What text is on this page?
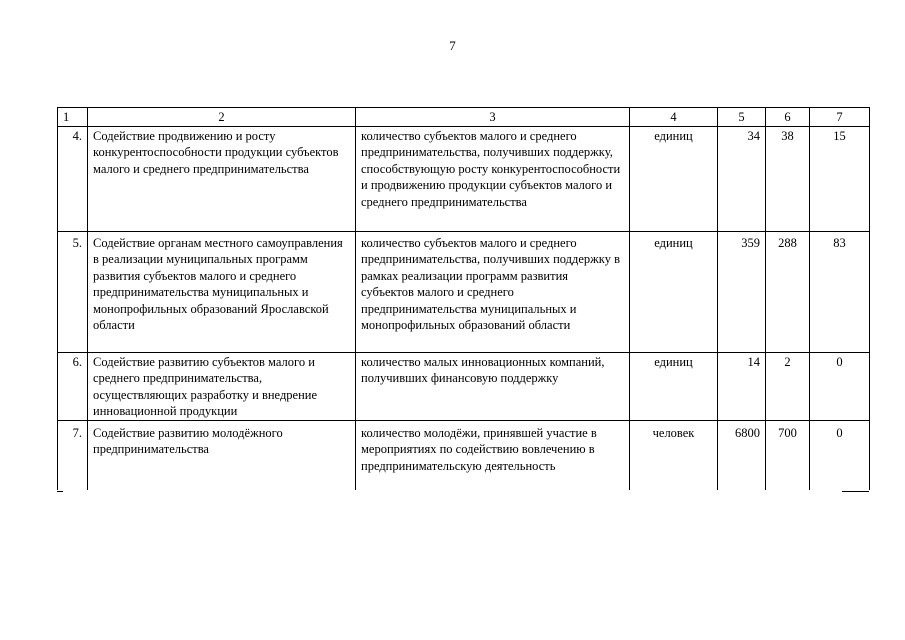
7
1	2	3	4	5	6	7
4.	Содействие продвижению и росту конкурентоспособности продукции субъектов малого и среднего предпринимательства	количество субъектов малого и среднего предпринимательства, получивших поддержку, способствующую росту конкурентоспособности и продвижению продукции субъектов малого и среднего предпринимательства	единиц	34	38	15
5.	Содействие органам местного самоуправления в реализации муниципальных программ развития субъектов малого и среднего предпринимательства муниципальных и монопрофильных образований Ярославской области	количество субъектов малого и среднего предпринимательства, получивших поддержку в рамках реализации программ развития субъектов малого и среднего предпринимательства муниципальных и монопрофильных образований области	единиц	359	288	83
6.	Содействие развитию субъектов малого и среднего предпринимательства, осуществляющих разработку и внедрение инновационной продукции	количество малых инновационных компаний, получивших финансовую поддержку	единиц	14	2	0
7.	Содействие развитию молодёжного предпринимательства	количество молодёжи, принявшей участие в мероприятиях по содействию вовлечению в предпринимательскую деятельность	человек	6800	700	0
